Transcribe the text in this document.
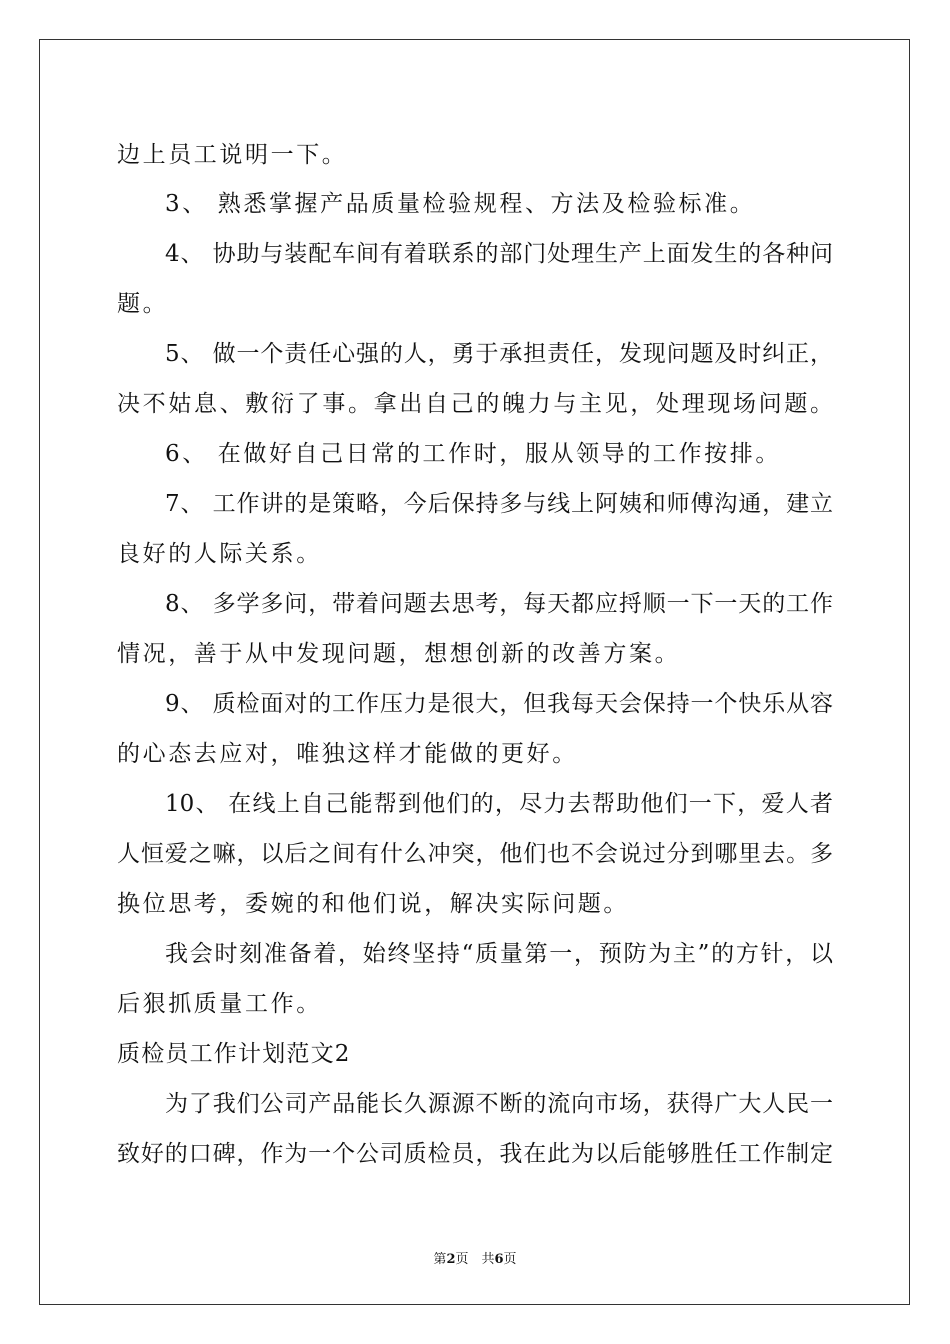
边上员工说明一下。
3、 熟悉掌握产品质量检验规程、方法及检验标准。
4、 协助与装配车间有着联系的部门处理生产上面发生的各种问
题。
5、 做一个责任心强的人，勇于承担责任，发现问题及时纠正，
决不姑息、敷衍了事。拿出自己的魄力与主见，处理现场问题。
6、 在做好自己日常的工作时，服从领导的工作按排。
7、 工作讲的是策略，今后保持多与线上阿姨和师傅沟通，建立
良好的人际关系。
8、 多学多问，带着问题去思考，每天都应捋顺一下一天的工作
情况，善于从中发现问题，想想创新的改善方案。
9、 质检面对的工作压力是很大，但我每天会保持一个快乐从容
的心态去应对，唯独这样才能做的更好。
10、 在线上自己能帮到他们的，尽力去帮助他们一下，爱人者
人恒爱之嘛，以后之间有什么冲突，他们也不会说过分到哪里去。多
换位思考，委婉的和他们说，解决实际问题。
我会时刻准备着，始终坚持“质量第一，预防为主”的方针，以
后狠抓质量工作。
质检员工作计划范文2
为了我们公司产品能长久源源不断的流向市场，获得广大人民一
致好的口碑，作为一个公司质检员，我在此为以后能够胜任工作制定
第2页　共6页
